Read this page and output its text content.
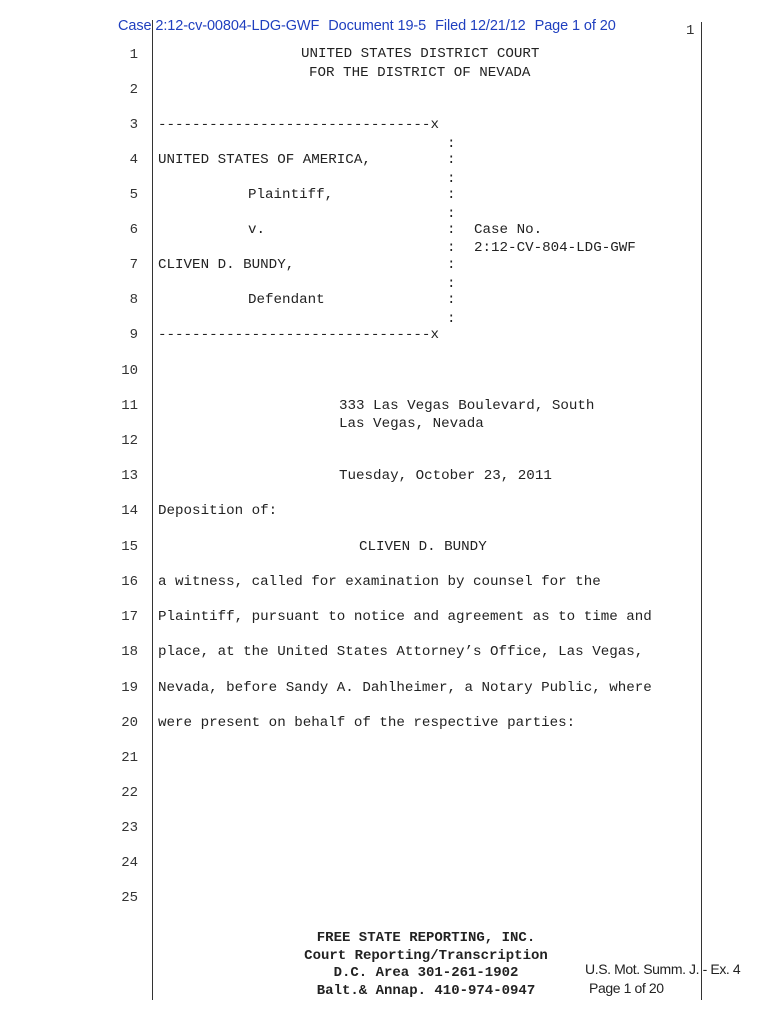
Case 2:12-cv-00804-LDG-GWF Document 19-5 Filed 12/21/12 Page 1 of 20	1
1
2
3
4
5
6
7
8
9
10
11
12
13
14
15
16
17
18
19
20
21
22
23
24
25
UNITED STATES DISTRICT COURT
FOR THE DISTRICT OF NEVADA
--------------------------------x
:
UNITED STATES OF AMERICA,	:
:
Plaintiff,	:
:
v.	: Case No.
: 2:12-CV-804-LDG-GWF
CLIVEN D. BUNDY,	:
:
Defendant	:
:
--------------------------------x
333 Las Vegas Boulevard, South
Las Vegas, Nevada
Tuesday, October 23, 2011
Deposition of:
CLIVEN D. BUNDY
a witness, called for examination by counsel for the
Plaintiff, pursuant to notice and agreement as to time and
place, at the United States Attorney’s Office, Las Vegas,
Nevada, before Sandy A. Dahlheimer, a Notary Public, where
were present on behalf of the respective parties:
FREE STATE REPORTING, INC.
Court Reporting/Transcription
D.C. Area 301-261-1902
Balt.& Annap. 410-974-0947
U.S. Mot. Summ. J. - Ex. 4
Page 1 of 20
